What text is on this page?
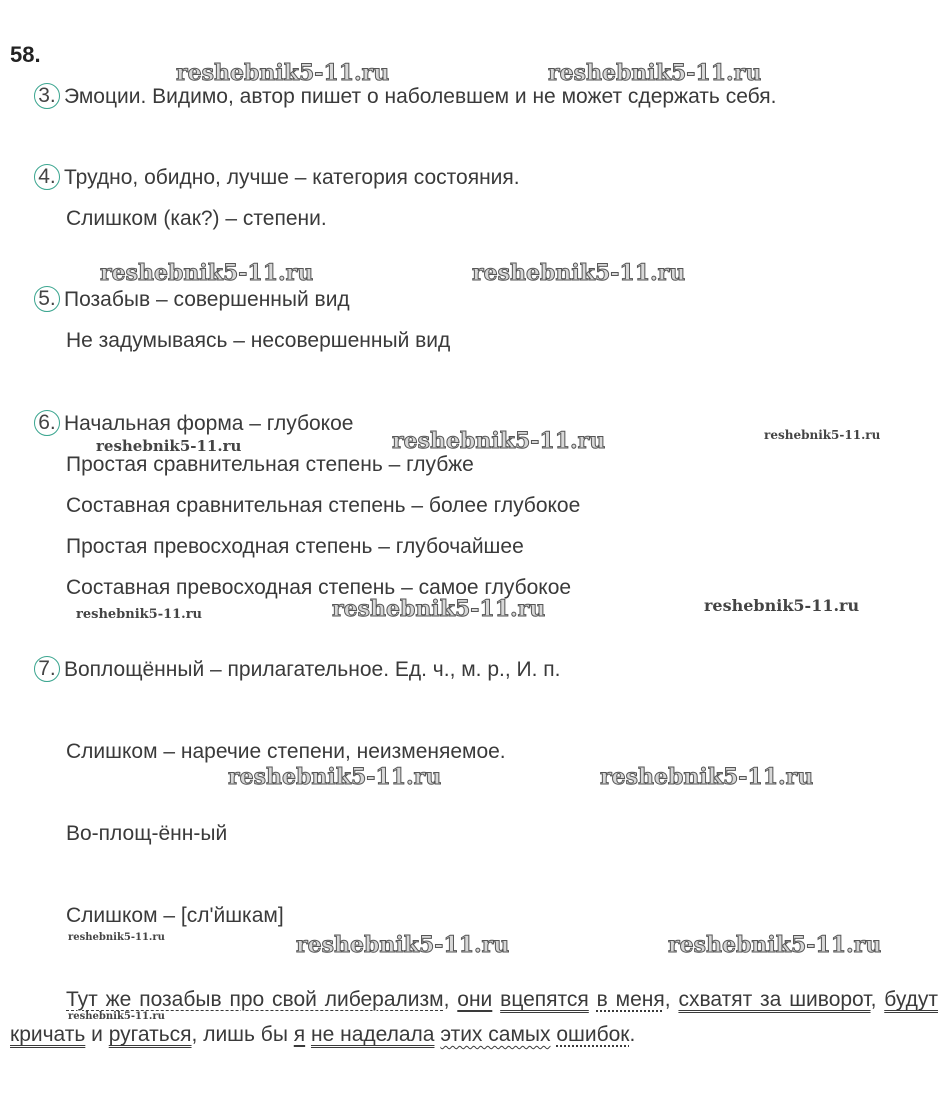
58.
reshebnik5-11.ru	reshebnik5-11.ru
reshebnik5-11.ru	reshebnik5-11.ru
reshebnik5-11.ru	reshebnik5-11.ru	reshebnik5-11.ru
reshebnik5-11.ru	reshebnik5-11.ru	reshebnik5-11.ru
reshebnik5-11.ru	reshebnik5-11.ru
reshebnik5-11.ru	reshebnik5-11.ru	reshebnik5-11.ru
reshebnik5-11.ru
3. Эмоции. Видимо, автор пишет о наболевшем и не может сдержать себя.
4. Трудно, обидно, лучше – категория состояния.
Слишком (как?) – степени.
5. Позабыв – совершенный вид
Не задумываясь – несовершенный вид
6. Начальная форма – глубокое
Простая сравнительная степень – глубже
Составная сравнительная степень – более глубокое
Простая превосходная степень – глубочайшее
Составная превосходная степень – самое глубокое
7. Воплощённый – прилагательное. Ед. ч., м. р., И. п.
Слишком – наречие степени, неизменяемое.
Во-площ-ённ-ый
Слишком – [сл'йшкам]
Тут же позабыв про свой либерализм, они вцепятся в меня, схватят за шиворот, будут кричать и ругаться, лишь бы я не наделала этих самых ошибок.
